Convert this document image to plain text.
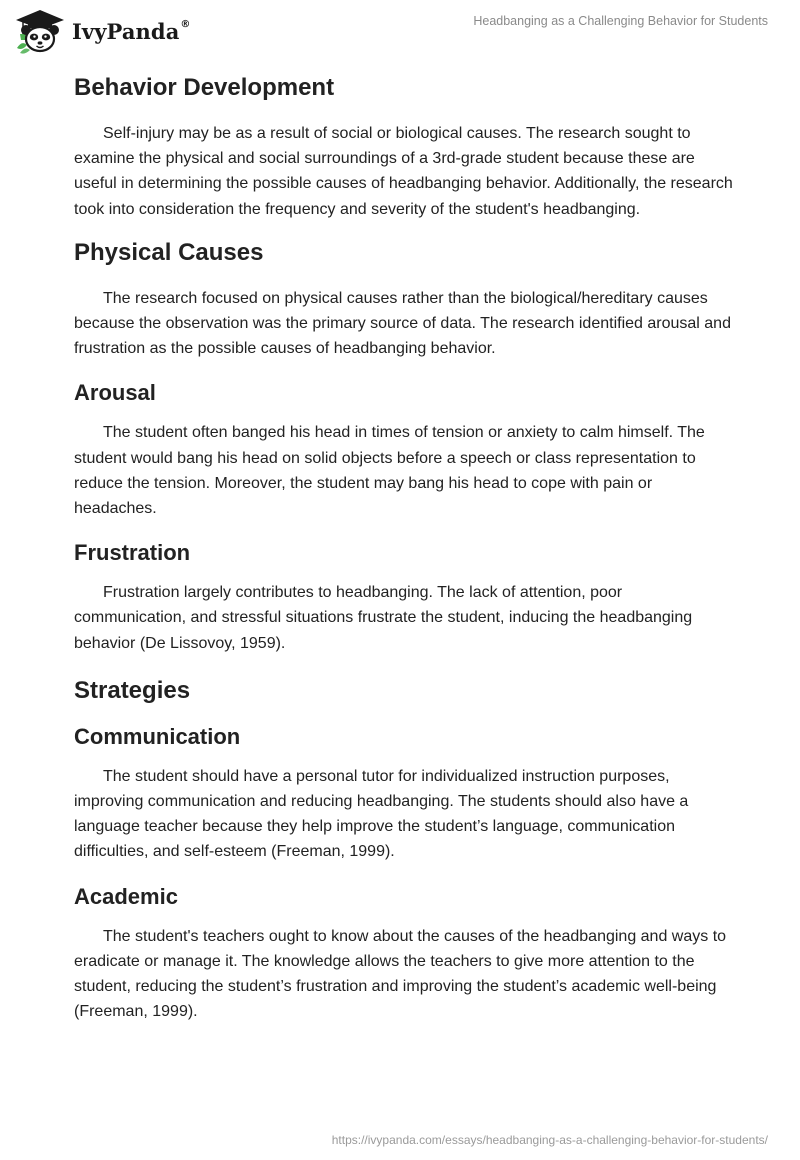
IvyPanda®	Headbanging as a Challenging Behavior for Students
Behavior Development

Self-injury may be as a result of social or biological causes. The research sought to examine the physical and social surroundings of a 3rd-grade student because these are useful in determining the possible causes of headbanging behavior. Additionally, the research took into consideration the frequency and severity of the student's headbanging.

Physical Causes

The research focused on physical causes rather than the biological/hereditary causes because the observation was the primary source of data. The research identified arousal and frustration as the possible causes of headbanging behavior.

Arousal

The student often banged his head in times of tension or anxiety to calm himself. The student would bang his head on solid objects before a speech or class representation to reduce the tension. Moreover, the student may bang his head to cope with pain or headaches.

Frustration

Frustration largely contributes to headbanging. The lack of attention, poor communication, and stressful situations frustrate the student, inducing the headbanging behavior (De Lissovoy, 1959).

Strategies
Communication

The student should have a personal tutor for individualized instruction purposes, improving communication and reducing headbanging. The students should also have a language teacher because they help improve the student’s language, communication difficulties, and self-esteem (Freeman, 1999).

Academic

The student's teachers ought to know about the causes of the headbanging and ways to eradicate or manage it. The knowledge allows the teachers to give more attention to the student, reducing the student’s frustration and improving the student’s academic well-being (Freeman, 1999).

https://ivypanda.com/essays/headbanging-as-a-challenging-behavior-for-students/
